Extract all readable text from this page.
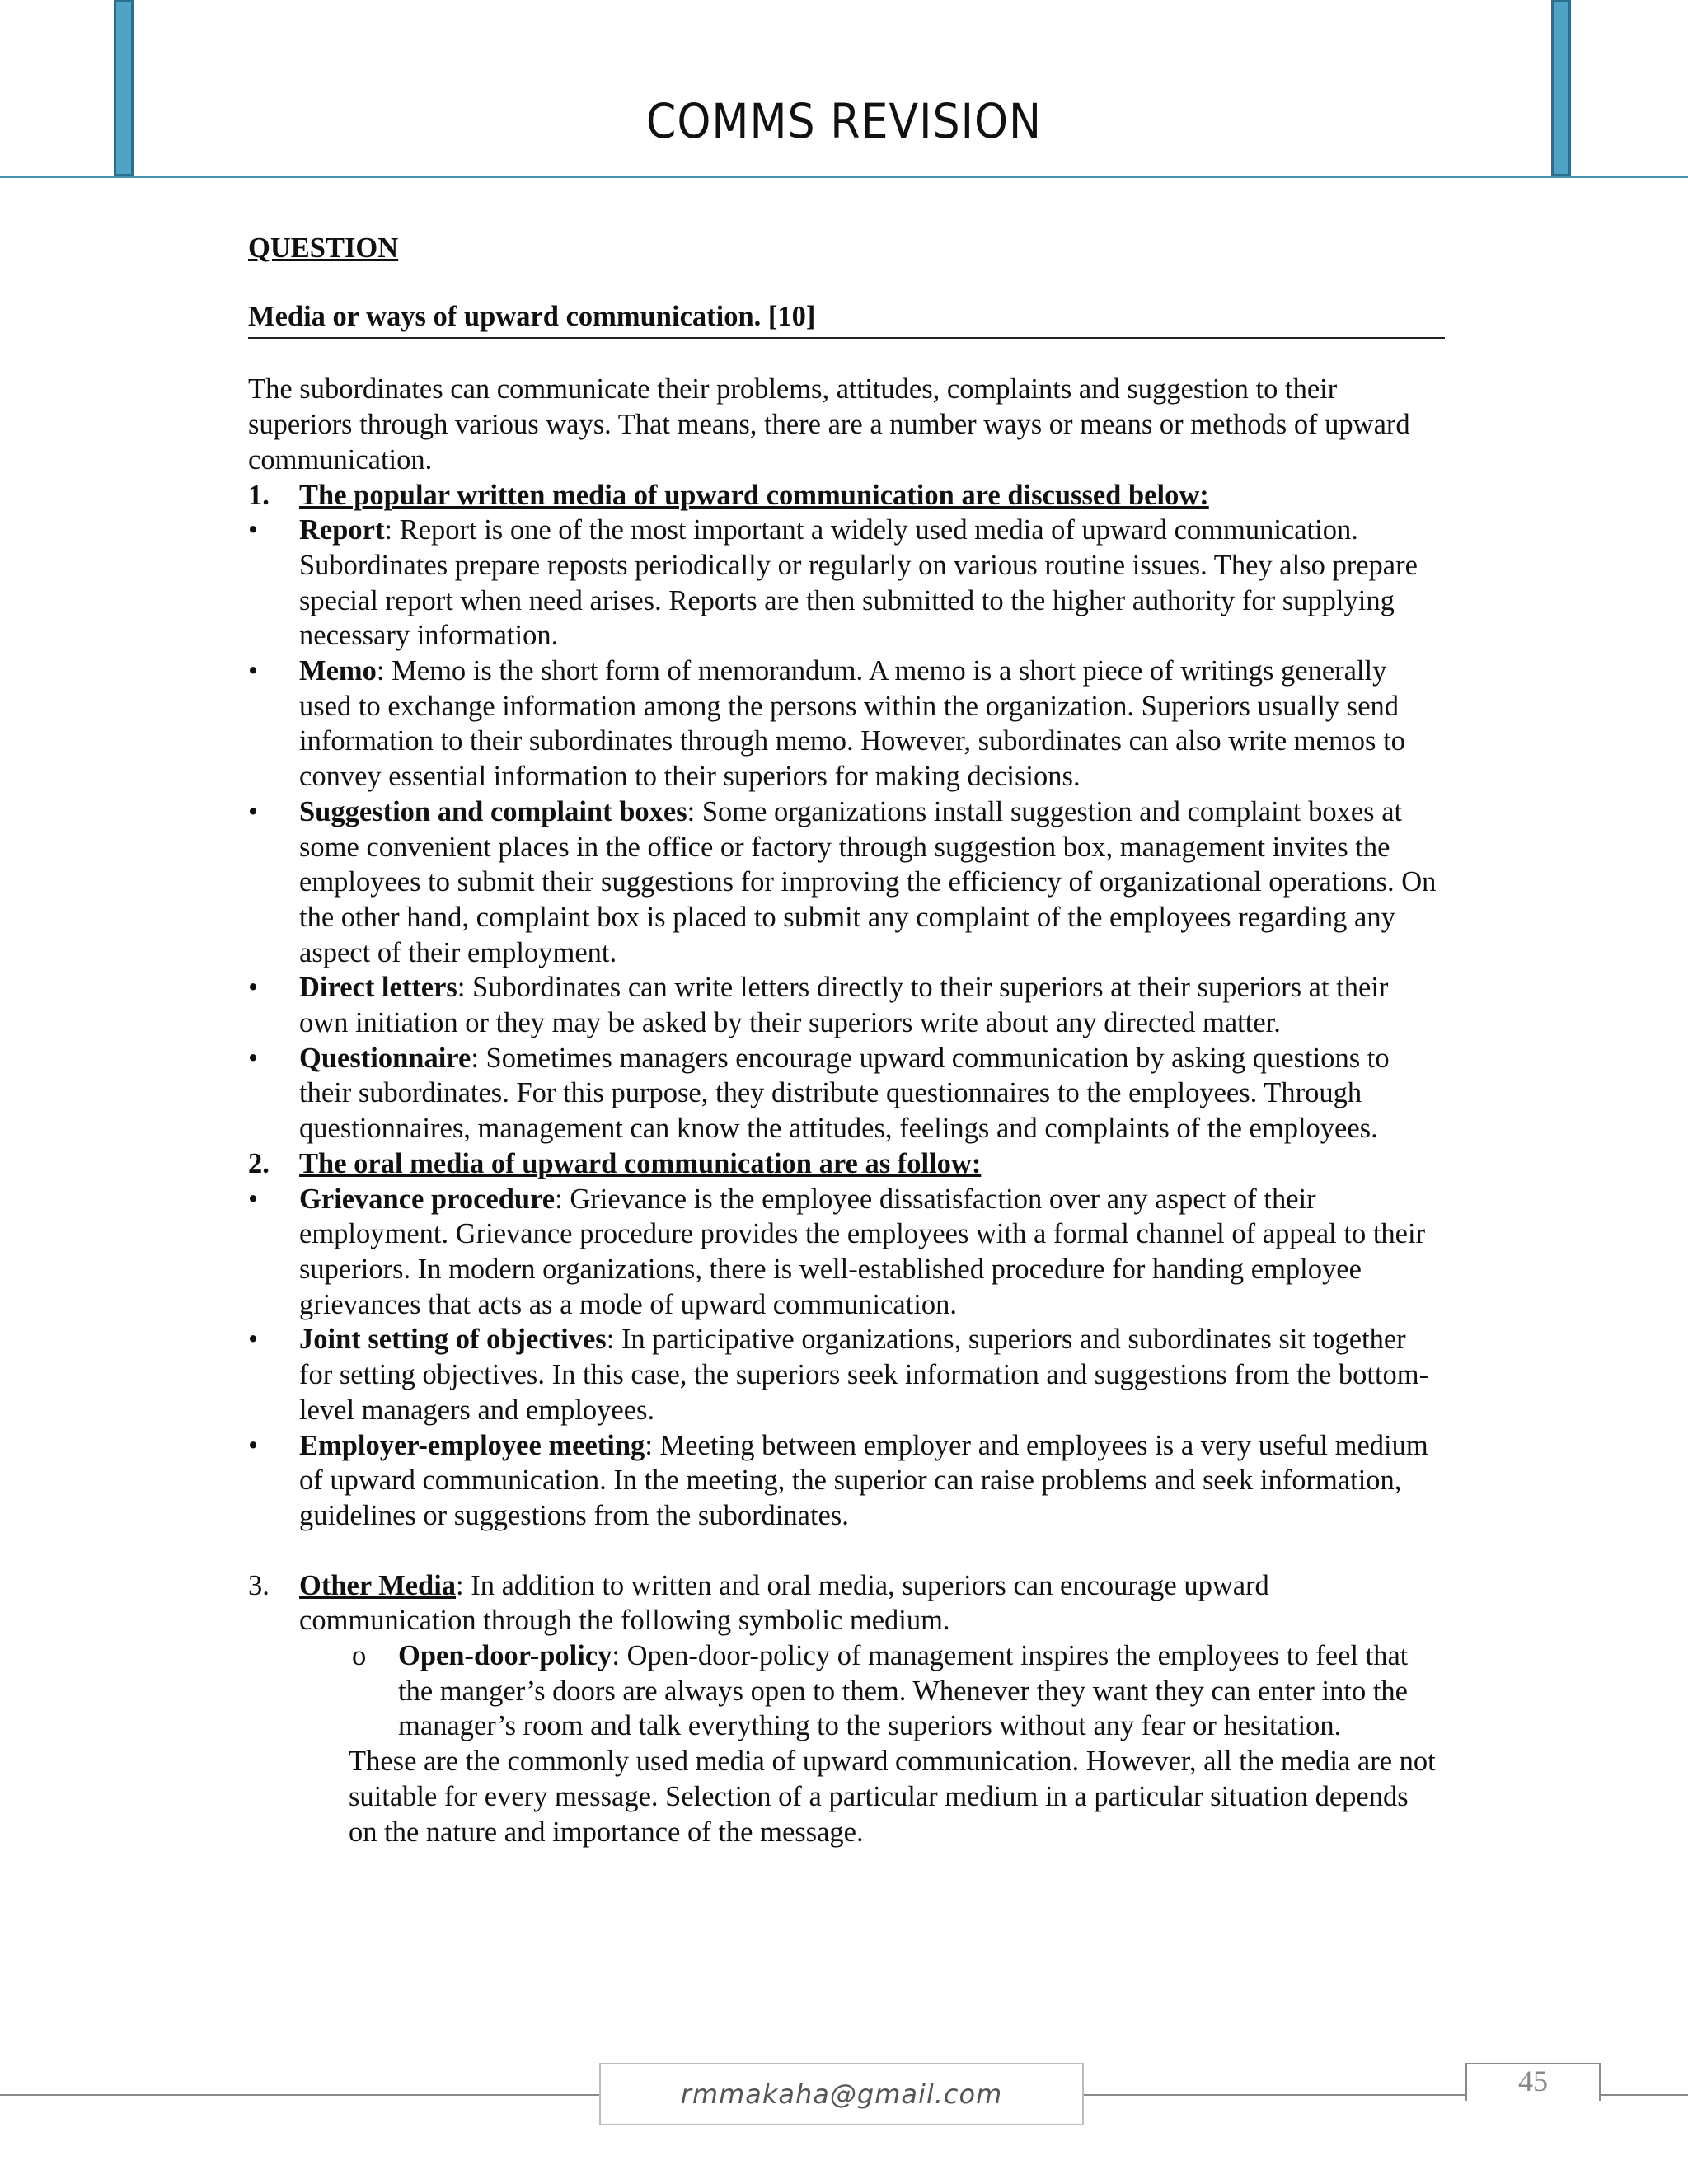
COMMS REVISION

QUESTION

Media or ways of upward communication. [10]

The subordinates can communicate their problems, attitudes, complaints and suggestion to their superiors through various ways. That means, there are a number ways or means or methods of upward communication.

1. The popular written media of upward communication are discussed below:

• Report: Report is one of the most important a widely used media of upward communication. Subordinates prepare reposts periodically or regularly on various routine issues. They also prepare special report when need arises. Reports are then submitted to the higher authority for supplying necessary information.

• Memo: Memo is the short form of memorandum. A memo is a short piece of writings generally used to exchange information among the persons within the organization. Superiors usually send information to their subordinates through memo. However, subordinates can also write memos to convey essential information to their superiors for making decisions.

• Suggestion and complaint boxes: Some organizations install suggestion and complaint boxes at some convenient places in the office or factory through suggestion box, management invites the employees to submit their suggestions for improving the efficiency of organizational operations. On the other hand, complaint box is placed to submit any complaint of the employees regarding any aspect of their employment.

• Direct letters: Subordinates can write letters directly to their superiors at their superiors at their own initiation or they may be asked by their superiors write about any directed matter.

• Questionnaire: Sometimes managers encourage upward communication by asking questions to their subordinates. For this purpose, they distribute questionnaires to the employees. Through questionnaires, management can know the attitudes, feelings and complaints of the employees.

2. The oral media of upward communication are as follow:

• Grievance procedure: Grievance is the employee dissatisfaction over any aspect of their employment. Grievance procedure provides the employees with a formal channel of appeal to their superiors. In modern organizations, there is well-established procedure for handing employee grievances that acts as a mode of upward communication.

• Joint setting of objectives: In participative organizations, superiors and subordinates sit together for setting objectives. In this case, the superiors seek information and suggestions from the bottom-level managers and employees.

• Employer-employee meeting: Meeting between employer and employees is a very useful medium of upward communication. In the meeting, the superior can raise problems and seek information, guidelines or suggestions from the subordinates.

3. Other Media: In addition to written and oral media, superiors can encourage upward communication through the following symbolic medium.

o Open-door-policy: Open-door-policy of management inspires the employees to feel that the manger’s doors are always open to them. Whenever they want they can enter into the manager’s room and talk everything to the superiors without any fear or hesitation.

These are the commonly used media of upward communication. However, all the media are not suitable for every message. Selection of a particular medium in a particular situation depends on the nature and importance of the message.

rmmakaha@gmail.com	45
